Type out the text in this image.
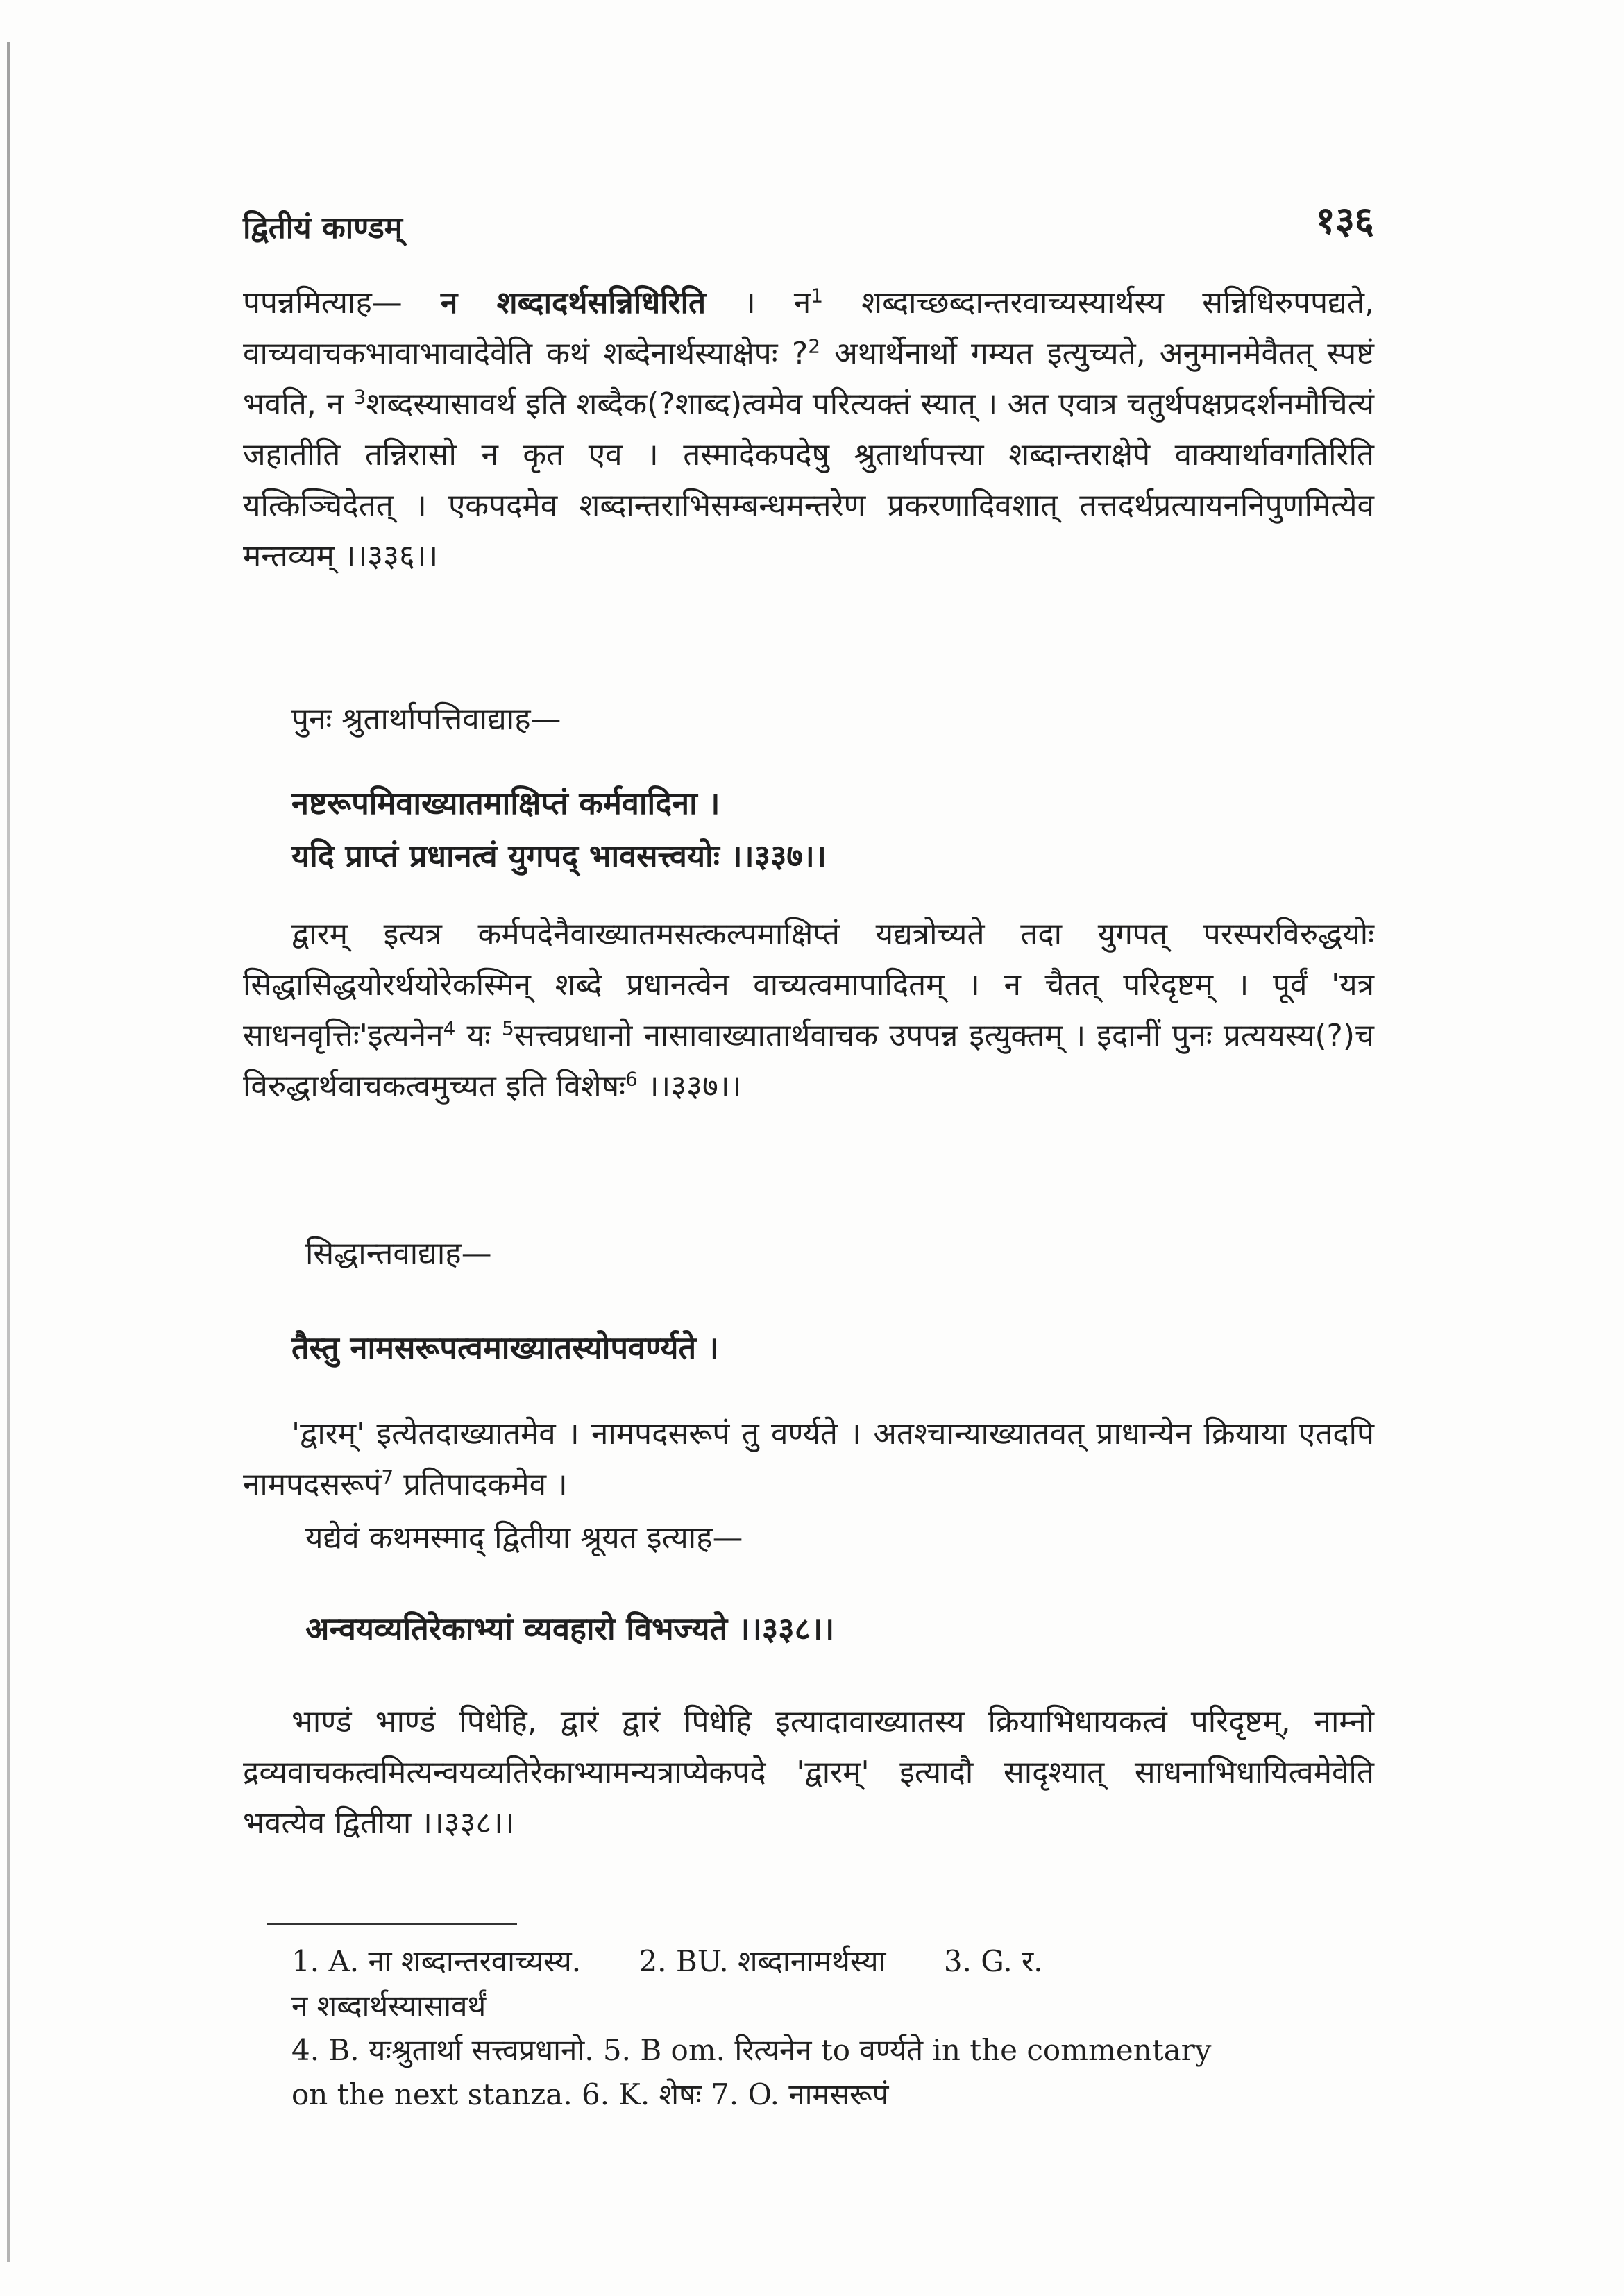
द्वितीयं काण्डम्	१३६
पपन्नमित्याह— न शब्दादर्थसन्निधिरिति । न$^1$ शब्दाच्छब्दान्तरवाच्यस्यार्थस्य सन्निधिरुपपद्यते, वाच्यवाचकभावाभावादेवेति कथं शब्देनार्थस्याक्षेपः ?$^2$ अथार्थेनार्थो गम्यत इत्युच्यते, अनुमानमेवैतत् स्पष्टं भवति, न $^3$शब्दस्यासावर्थ इति शब्दैक(?शाब्द)त्वमेव परित्यक्तं स्यात् । अत एवात्र चतुर्थपक्षप्रदर्शनमौचित्यं जहातीति तन्निरासो न कृत एव । तस्मादेकपदेषु श्रुतार्थापत्त्या शब्दान्तराक्षेपे वाक्यार्थावगतिरिति यत्किञ्चिदेतत् । एकपदमेव शब्दान्तराभिसम्बन्धमन्तरेण प्रकरणादिवशात् तत्तदर्थप्रत्यायननिपुणमित्येव मन्तव्यम् ।।३३६।।
पुनः श्रुतार्थापत्तिवाद्याह—
नष्टरूपमिवाख्यातमाक्षिप्तं कर्मवादिना ।
यदि प्राप्तं प्रधानत्वं युगपद् भावसत्त्वयोः ।।३३७।।
द्वारम् इत्यत्र कर्मपदेनैवाख्यातमसत्कल्पमाक्षिप्तं यद्यत्रोच्यते तदा युगपत् परस्परविरुद्धयोः सिद्धासिद्धयोरर्थयोरेकस्मिन् शब्दे प्रधानत्वेन वाच्यत्वमापादितम् । न चैतत् परिदृष्टम् । पूर्वं 'यत्र साधनवृत्तिः'इत्यनेन$^4$ यः $^5$सत्त्वप्रधानो नासावाख्यातार्थवाचक उपपन्न इत्युक्तम् । इदानीं पुनः प्रत्ययस्य(?)च विरुद्धार्थवाचकत्वमुच्यत इति विशेषः$^6$ ।।३३७।।
सिद्धान्तवाद्याह—
तैस्तु नामसरूपत्वमाख्यातस्योपवर्ण्यते ।
'द्वारम्' इत्येतदाख्यातमेव । नामपदसरूपं तु वर्ण्यते । अतश्चान्याख्यातवत् प्राधान्येन क्रियाया एतदपि नामपदसरूपं$^7$ प्रतिपादकमेव ।
यद्येवं कथमस्माद् द्वितीया श्रूयत इत्याह—
अन्वयव्यतिरेकाभ्यां व्यवहारो विभज्यते ।।३३८।।
भाण्डं भाण्डं पिधेहि, द्वारं द्वारं पिधेहि इत्यादावाख्यातस्य क्रियाभिधायकत्वं परिदृष्टम्, नाम्नो द्रव्यवाचकत्वमित्यन्वयव्यतिरेकाभ्यामन्यत्राप्येकपदे 'द्वारम्' इत्यादौ सादृश्यात् साधनाभिधायित्वमेवेति भवत्येव द्वितीया ।।३३८।।
1. A. ना शब्दान्तरवाच्यस्य. 2. BU. शब्दानामर्थस्या 3. G. र.
न शब्दार्थस्यासावर्थं
4. B. यःश्रुतार्था सत्त्वप्रधानो. 5. B om. रित्यनेन to वर्ण्यते in the commentary
on the next stanza. 6. K. शेषः 7. O. नामसरूपं
